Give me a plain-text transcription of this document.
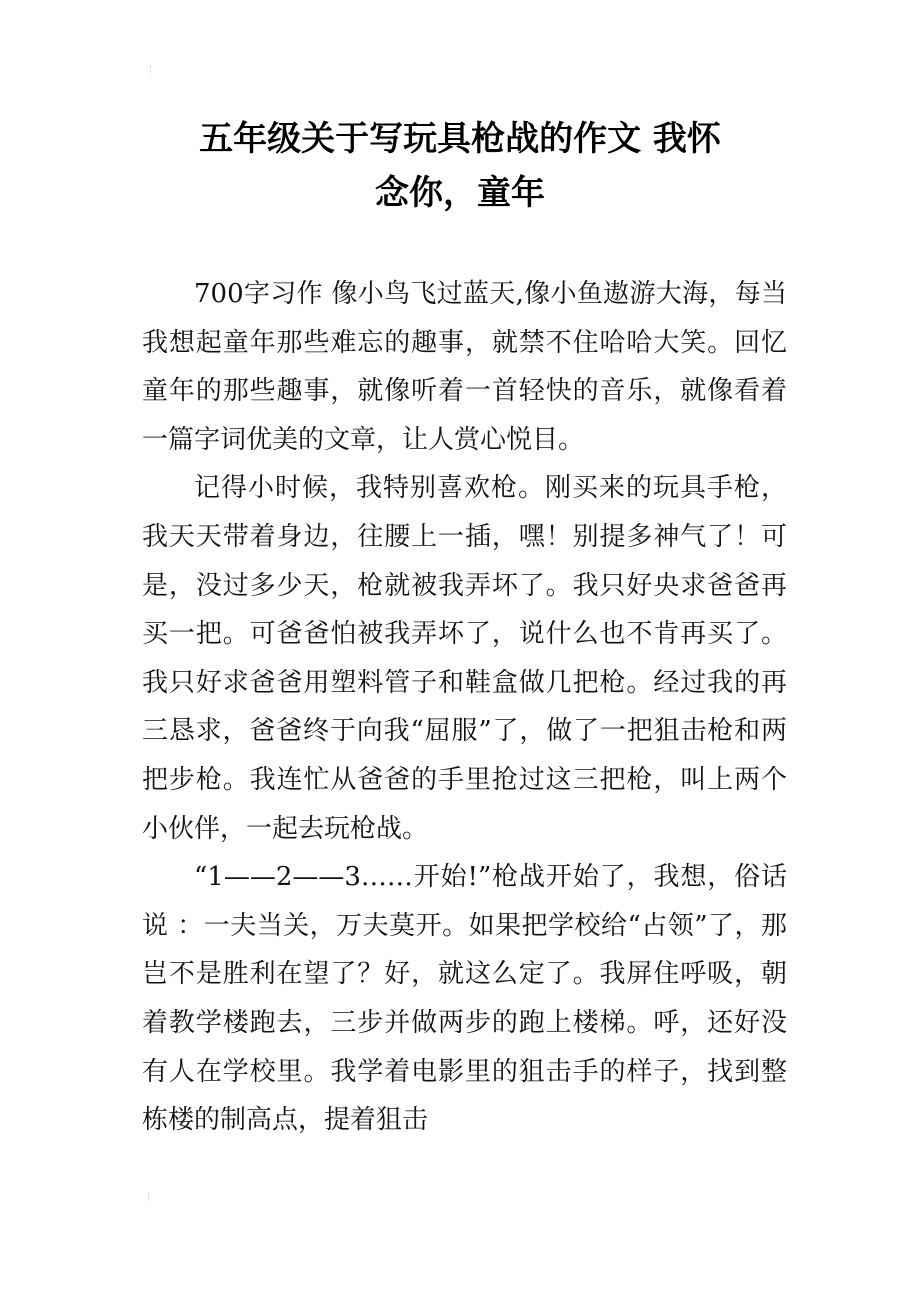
五年级关于写玩具枪战的作文 我怀
念你，童年

700字习作 像小鸟飞过蓝天,像小鱼遨游大海，每当我想起童年那些难忘的趣事，就禁不住哈哈大笑。回忆童年的那些趣事，就像听着一首轻快的音乐，就像看着一篇字词优美的文章，让人赏心悦目。

记得小时候，我特别喜欢枪。刚买来的玩具手枪，我天天带着身边，往腰上一插，嘿！别提多神气了！可是，没过多少天，枪就被我弄坏了。我只好央求爸爸再买一把。可爸爸怕被我弄坏了，说什么也不肯再买了。我只好求爸爸用塑料管子和鞋盒做几把枪。经过我的再三恳求，爸爸终于向我“屈服”了，做了一把狙击枪和两把步枪。我连忙从爸爸的手里抢过这三把枪，叫上两个小伙伴，一起去玩枪战。

“1——2——3……开始!”枪战开始了，我想，俗话说 ：一夫当关，万夫莫开。如果把学校给“占领”了，那岂不是胜利在望了？好，就这么定了。我屏住呼吸，朝着教学楼跑去，三步并做两步的跑上楼梯。呼，还好没有人在学校里。我学着电影里的狙击手的样子，找到整栋楼的制高点，提着狙击
